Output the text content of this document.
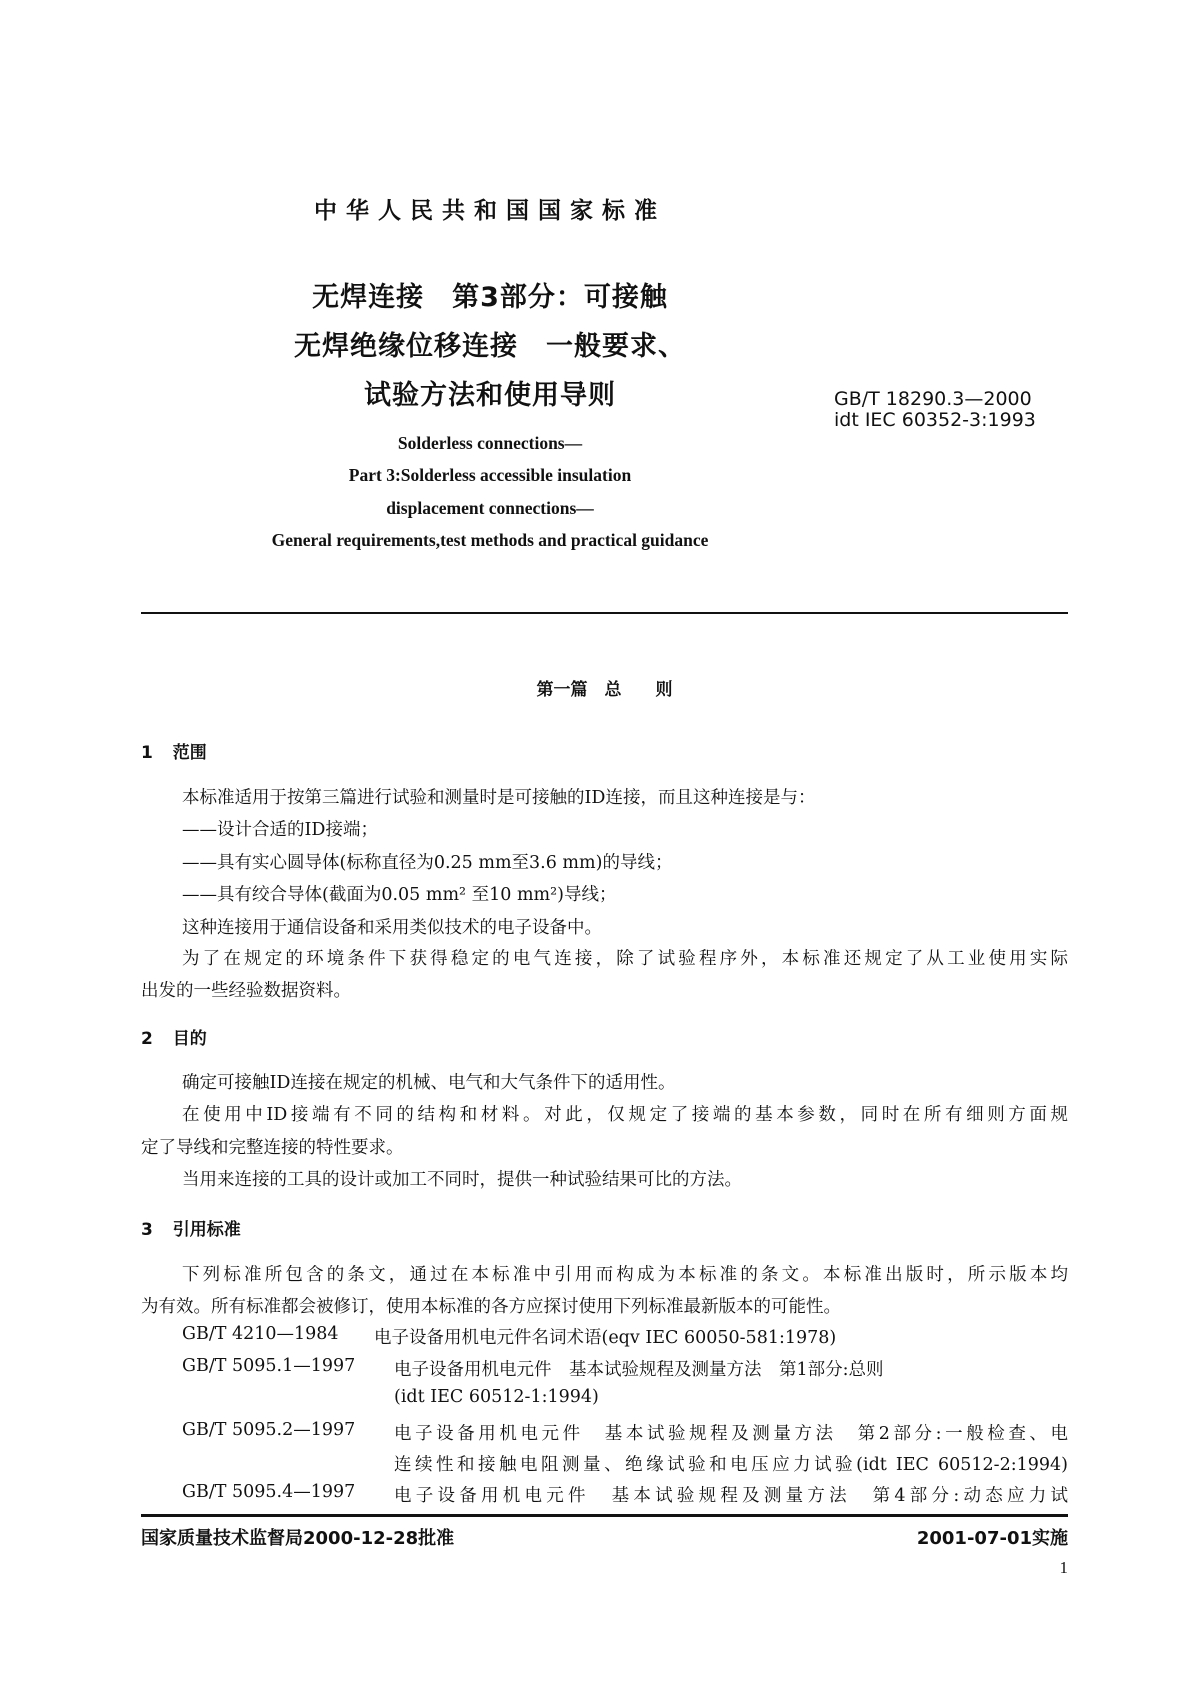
中华人民共和国国家标准
无焊连接　第3部分：可接触
无焊绝缘位移连接　一般要求、
试验方法和使用导则	GB/T 18290.3—2000
idt IEC 60352-3:1993
Solderless connections—
Part 3:Solderless accessible insulation
displacement connections—
General requirements,test methods and practical guidance
第一篇　总　　则
1 范围
本标准适用于按第三篇进行试验和测量时是可接触的ID连接，而且这种连接是与：
——设计合适的ID接端；
——具有实心圆导体(标称直径为0.25 mm至3.6 mm)的导线；
——具有绞合导体(截面为0.05 mm² 至10 mm²)导线；
这种连接用于通信设备和采用类似技术的电子设备中。
为了在规定的环境条件下获得稳定的电气连接，除了试验程序外，本标准还规定了从工业使用实际
出发的一些经验数据资料。
2 目的
确定可接触ID连接在规定的机械、电气和大气条件下的适用性。
在使用中ID接端有不同的结构和材料。对此，仅规定了接端的基本参数，同时在所有细则方面规
定了导线和完整连接的特性要求。
当用来连接的工具的设计或加工不同时，提供一种试验结果可比的方法。
3 引用标准
下列标准所包含的条文，通过在本标准中引用而构成为本标准的条文。本标准出版时，所示版本均
为有效。所有标准都会被修订，使用本标准的各方应探讨使用下列标准最新版本的可能性。
GB/T 4210—1984 电子设备用机电元件名词术语(eqv IEC 60050-581:1978)
GB/T 5095.1—1997 电子设备用机电元件　基本试验规程及测量方法　第1部分:总则
(idt IEC 60512-1:1994)
GB/T 5095.2—1997 电子设备用机电元件　基本试验规程及测量方法　第2部分:一般检查、电
连续性和接触电阻测量、绝缘试验和电压应力试验(idt IEC 60512-2:1994)
GB/T 5095.4—1997 电子设备用机电元件　基本试验规程及测量方法　第4部分:动态应力试
国家质量技术监督局2000-12-28批准	2001-07-01实施
1
